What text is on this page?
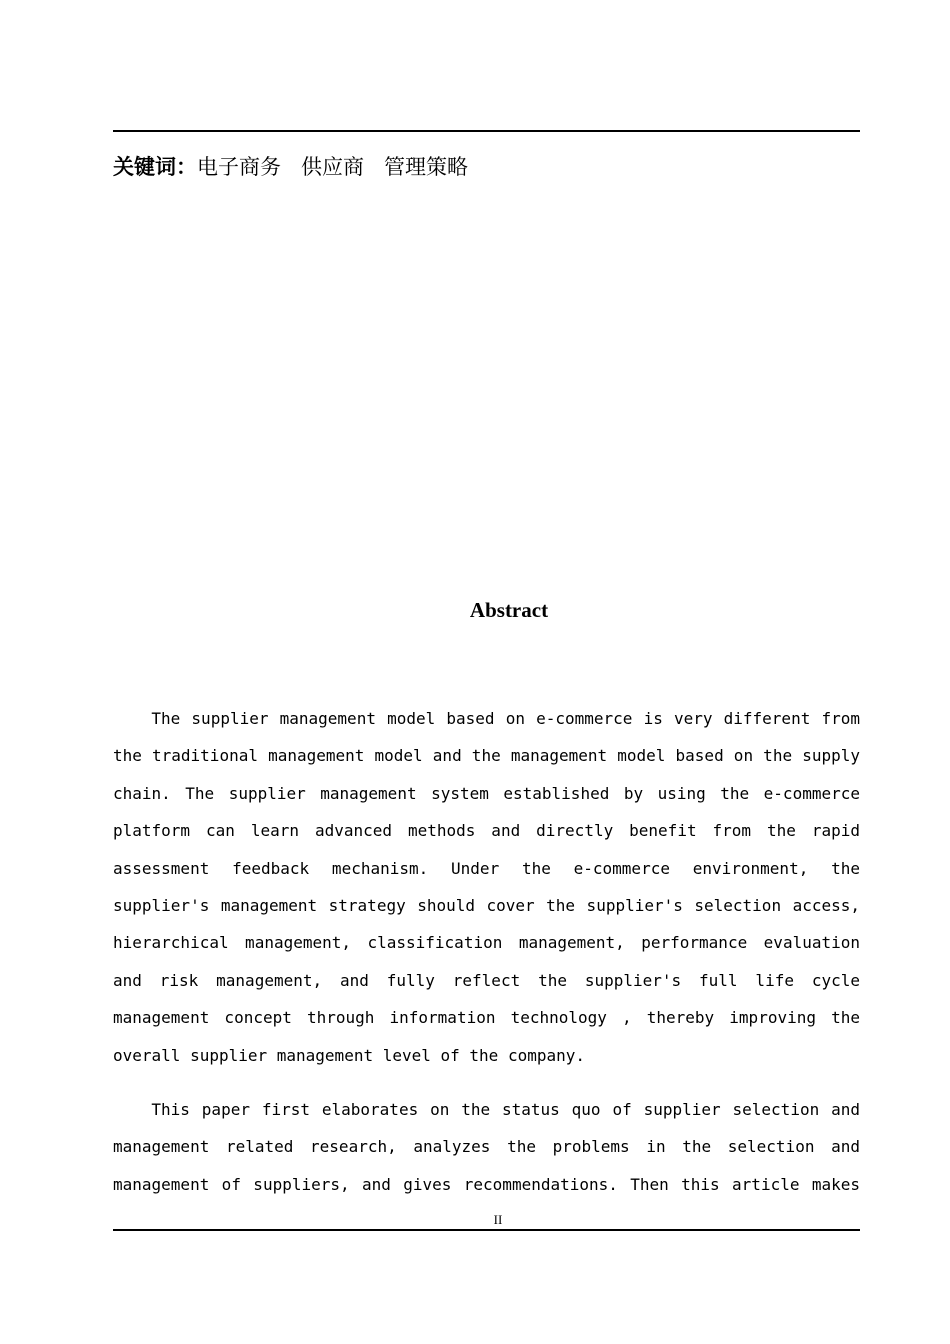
关键词：电子商务 供应商 管理策略
Abstract
The supplier management model based on e-commerce is very different from
the traditional management model and the management model based on the supply
chain. The supplier management system established by using the e-commerce
platform can learn advanced methods and directly benefit from the rapid
assessment feedback mechanism. Under the e-commerce environment, the
supplier's management strategy should cover the supplier's selection access,
hierarchical management, classification management, performance evaluation
and risk management, and fully reflect the supplier's full life cycle
management concept through information technology , thereby improving the
overall supplier management level of the company.
This paper first elaborates on the status quo of supplier selection and
management related research, analyzes the problems in the selection and
management of suppliers, and gives recommendations. Then this article makes
II
